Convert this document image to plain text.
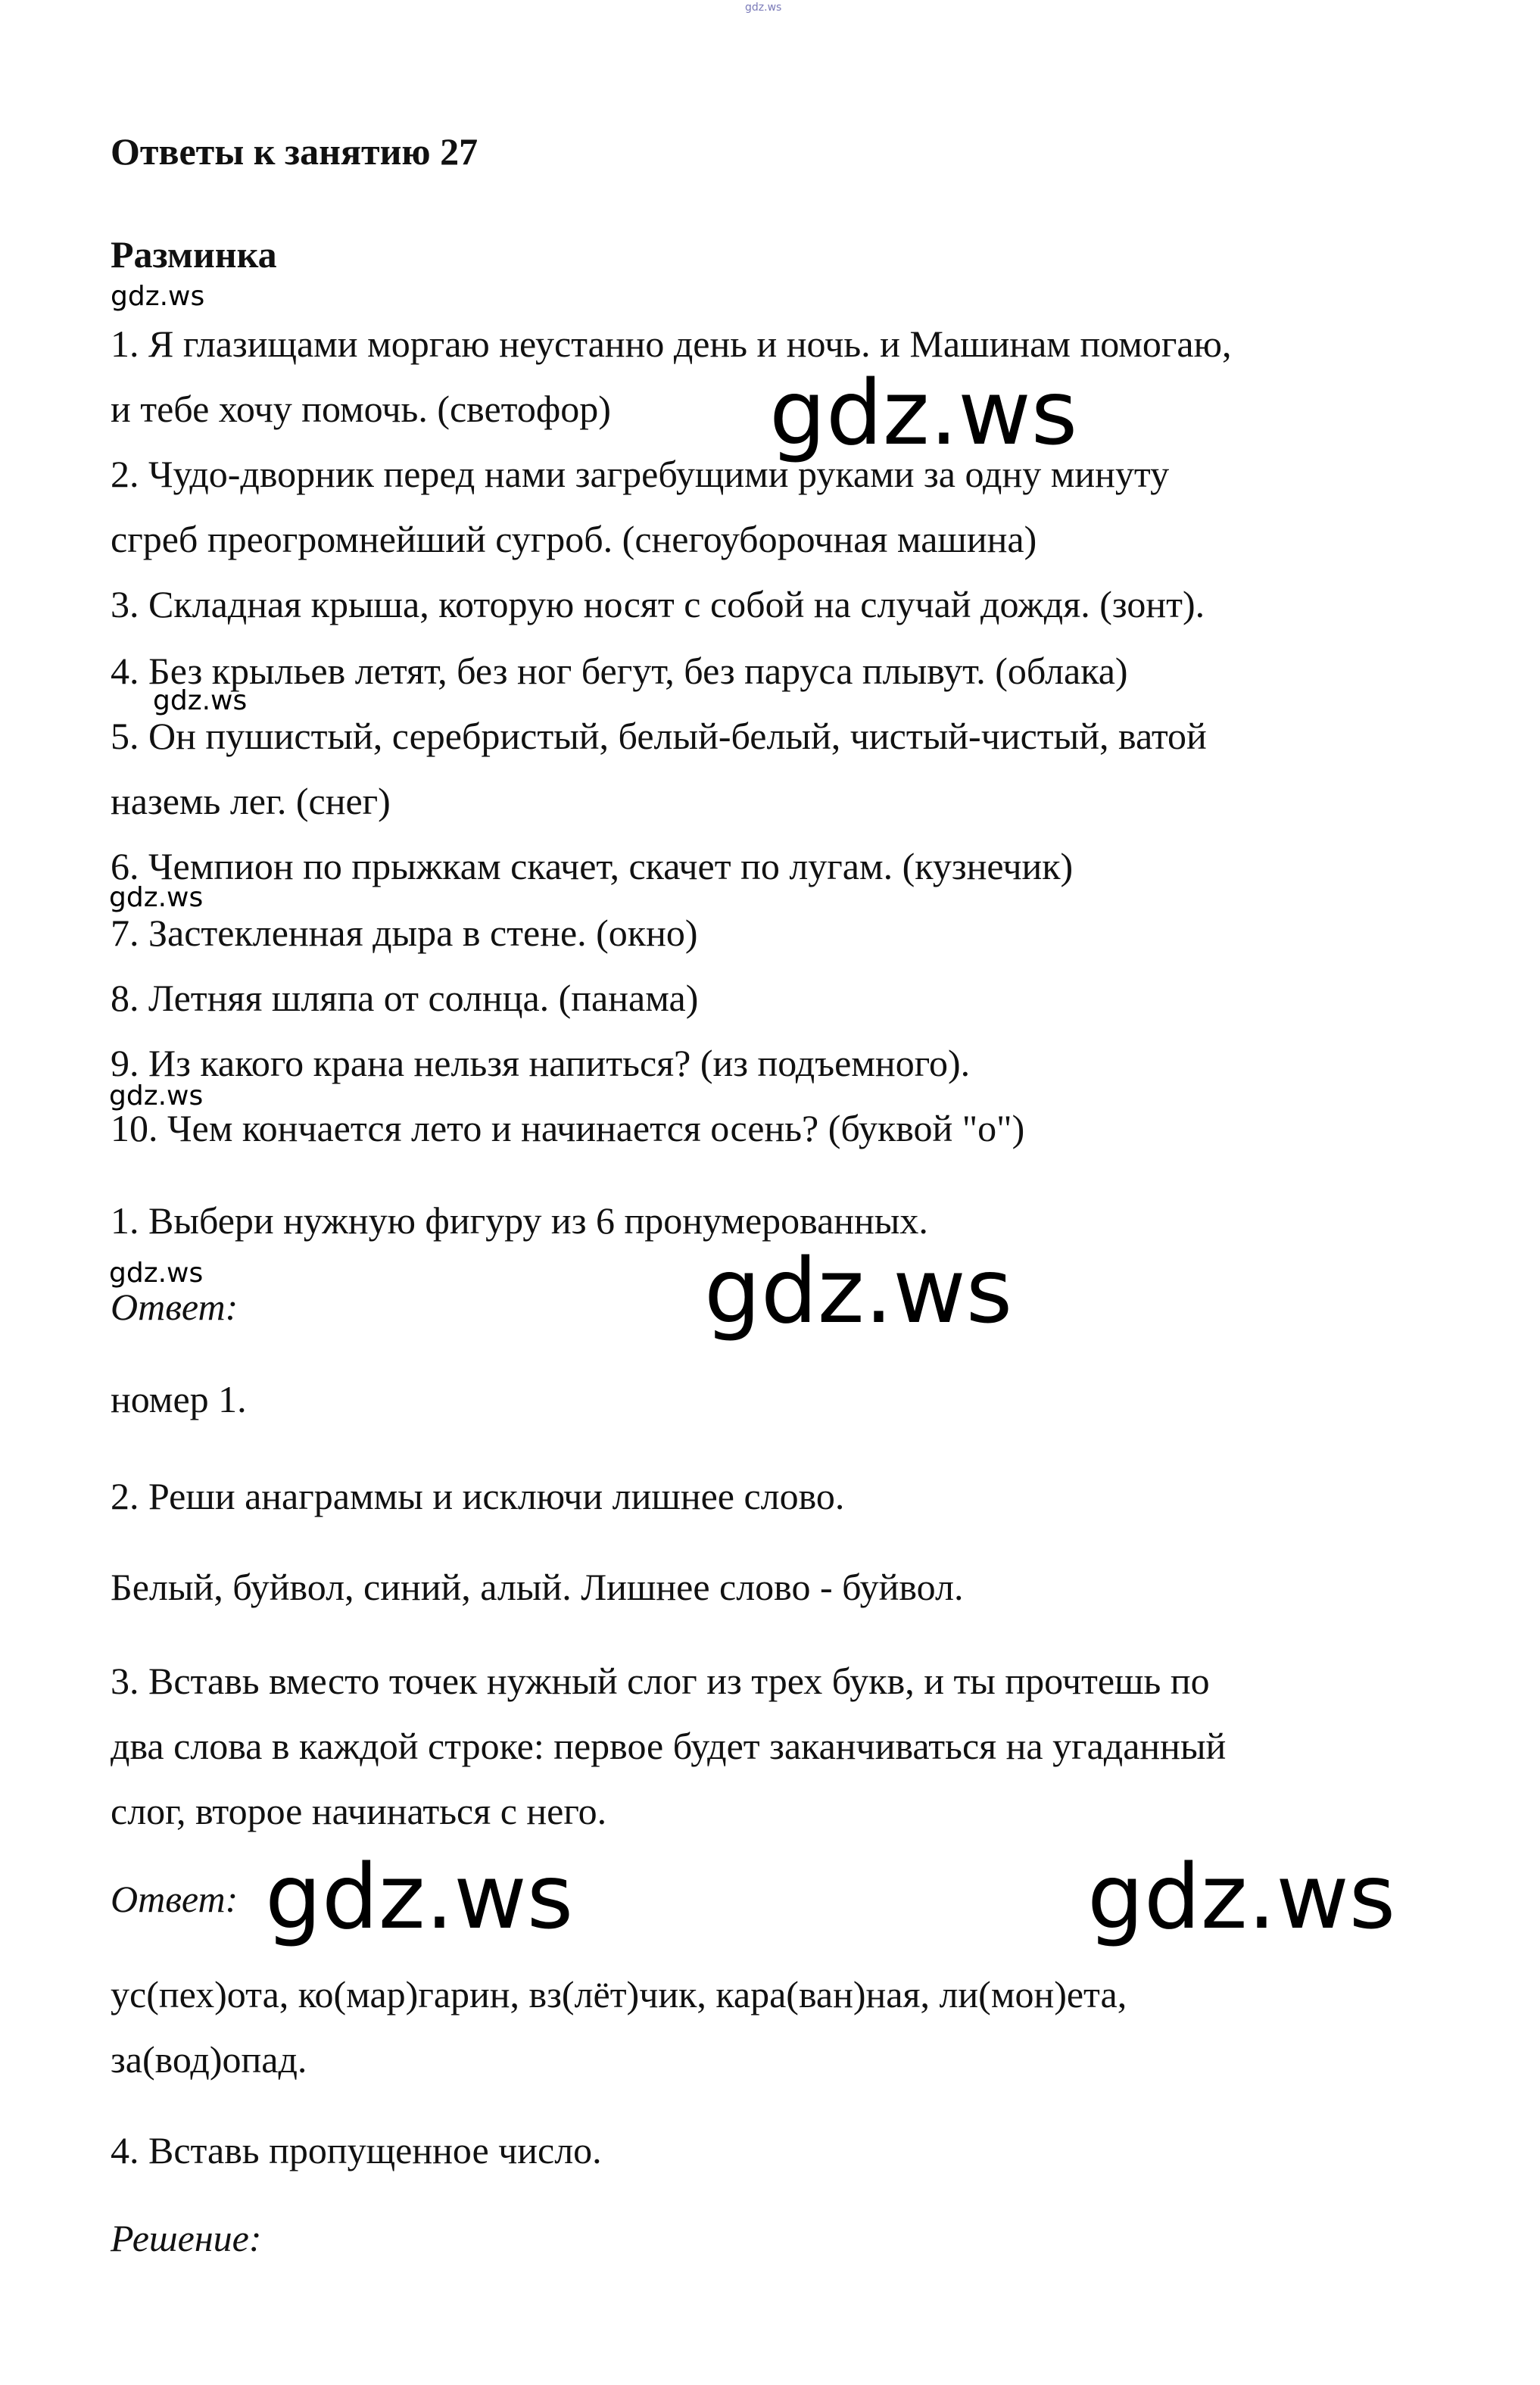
gdz.ws

gdz.ws

gdz.ws

gdz.ws

gdz.ws

gdz.ws

gdz.ws	gdz.ws

gdz.ws	gdz.ws

Ответы к занятию 27

Разминка

1. Я глазищами моргаю неустанно день и ночь. и Машинам помогаю,

и тебе хочу помочь. (светофор)

2. Чудо-дворник перед нами загребущими руками за одну минуту

сгреб преогромнейший сугроб. (снегоуборочная машина)

3. Складная крыша, которую носят с собой на случай дождя. (зонт).

4. Без крыльев летят, без ног бегут, без паруса плывут. (облака)

5. Он пушистый, серебристый, белый-белый, чистый-чистый, ватой

наземь лег. (снег)

6. Чемпион по прыжкам скачет, скачет по лугам. (кузнечик)

7. Застекленная дыра в стене. (окно)

8. Летняя шляпа от солнца. (панама)

9. Из какого крана нельзя напиться? (из подъемного).

10. Чем кончается лето и начинается осень? (буквой "о")

1. Выбери нужную фигуру из 6 пронумерованных.

Ответ:

номер 1.

2. Реши анаграммы и исключи лишнее слово.

Белый, буйвол, синий, алый. Лишнее слово - буйвол.

3. Вставь вместо точек нужный слог из трех букв, и ты прочтешь по

два слова в каждой строке: первое будет заканчиваться на угаданный

слог, второе начинаться с него.

Ответ:

ус(пех)ота, ко(мар)гарин, вз(лёт)чик, кара(ван)ная, ли(мон)ета,

за(вод)опад.

4. Вставь пропущенное число.

Решение:
